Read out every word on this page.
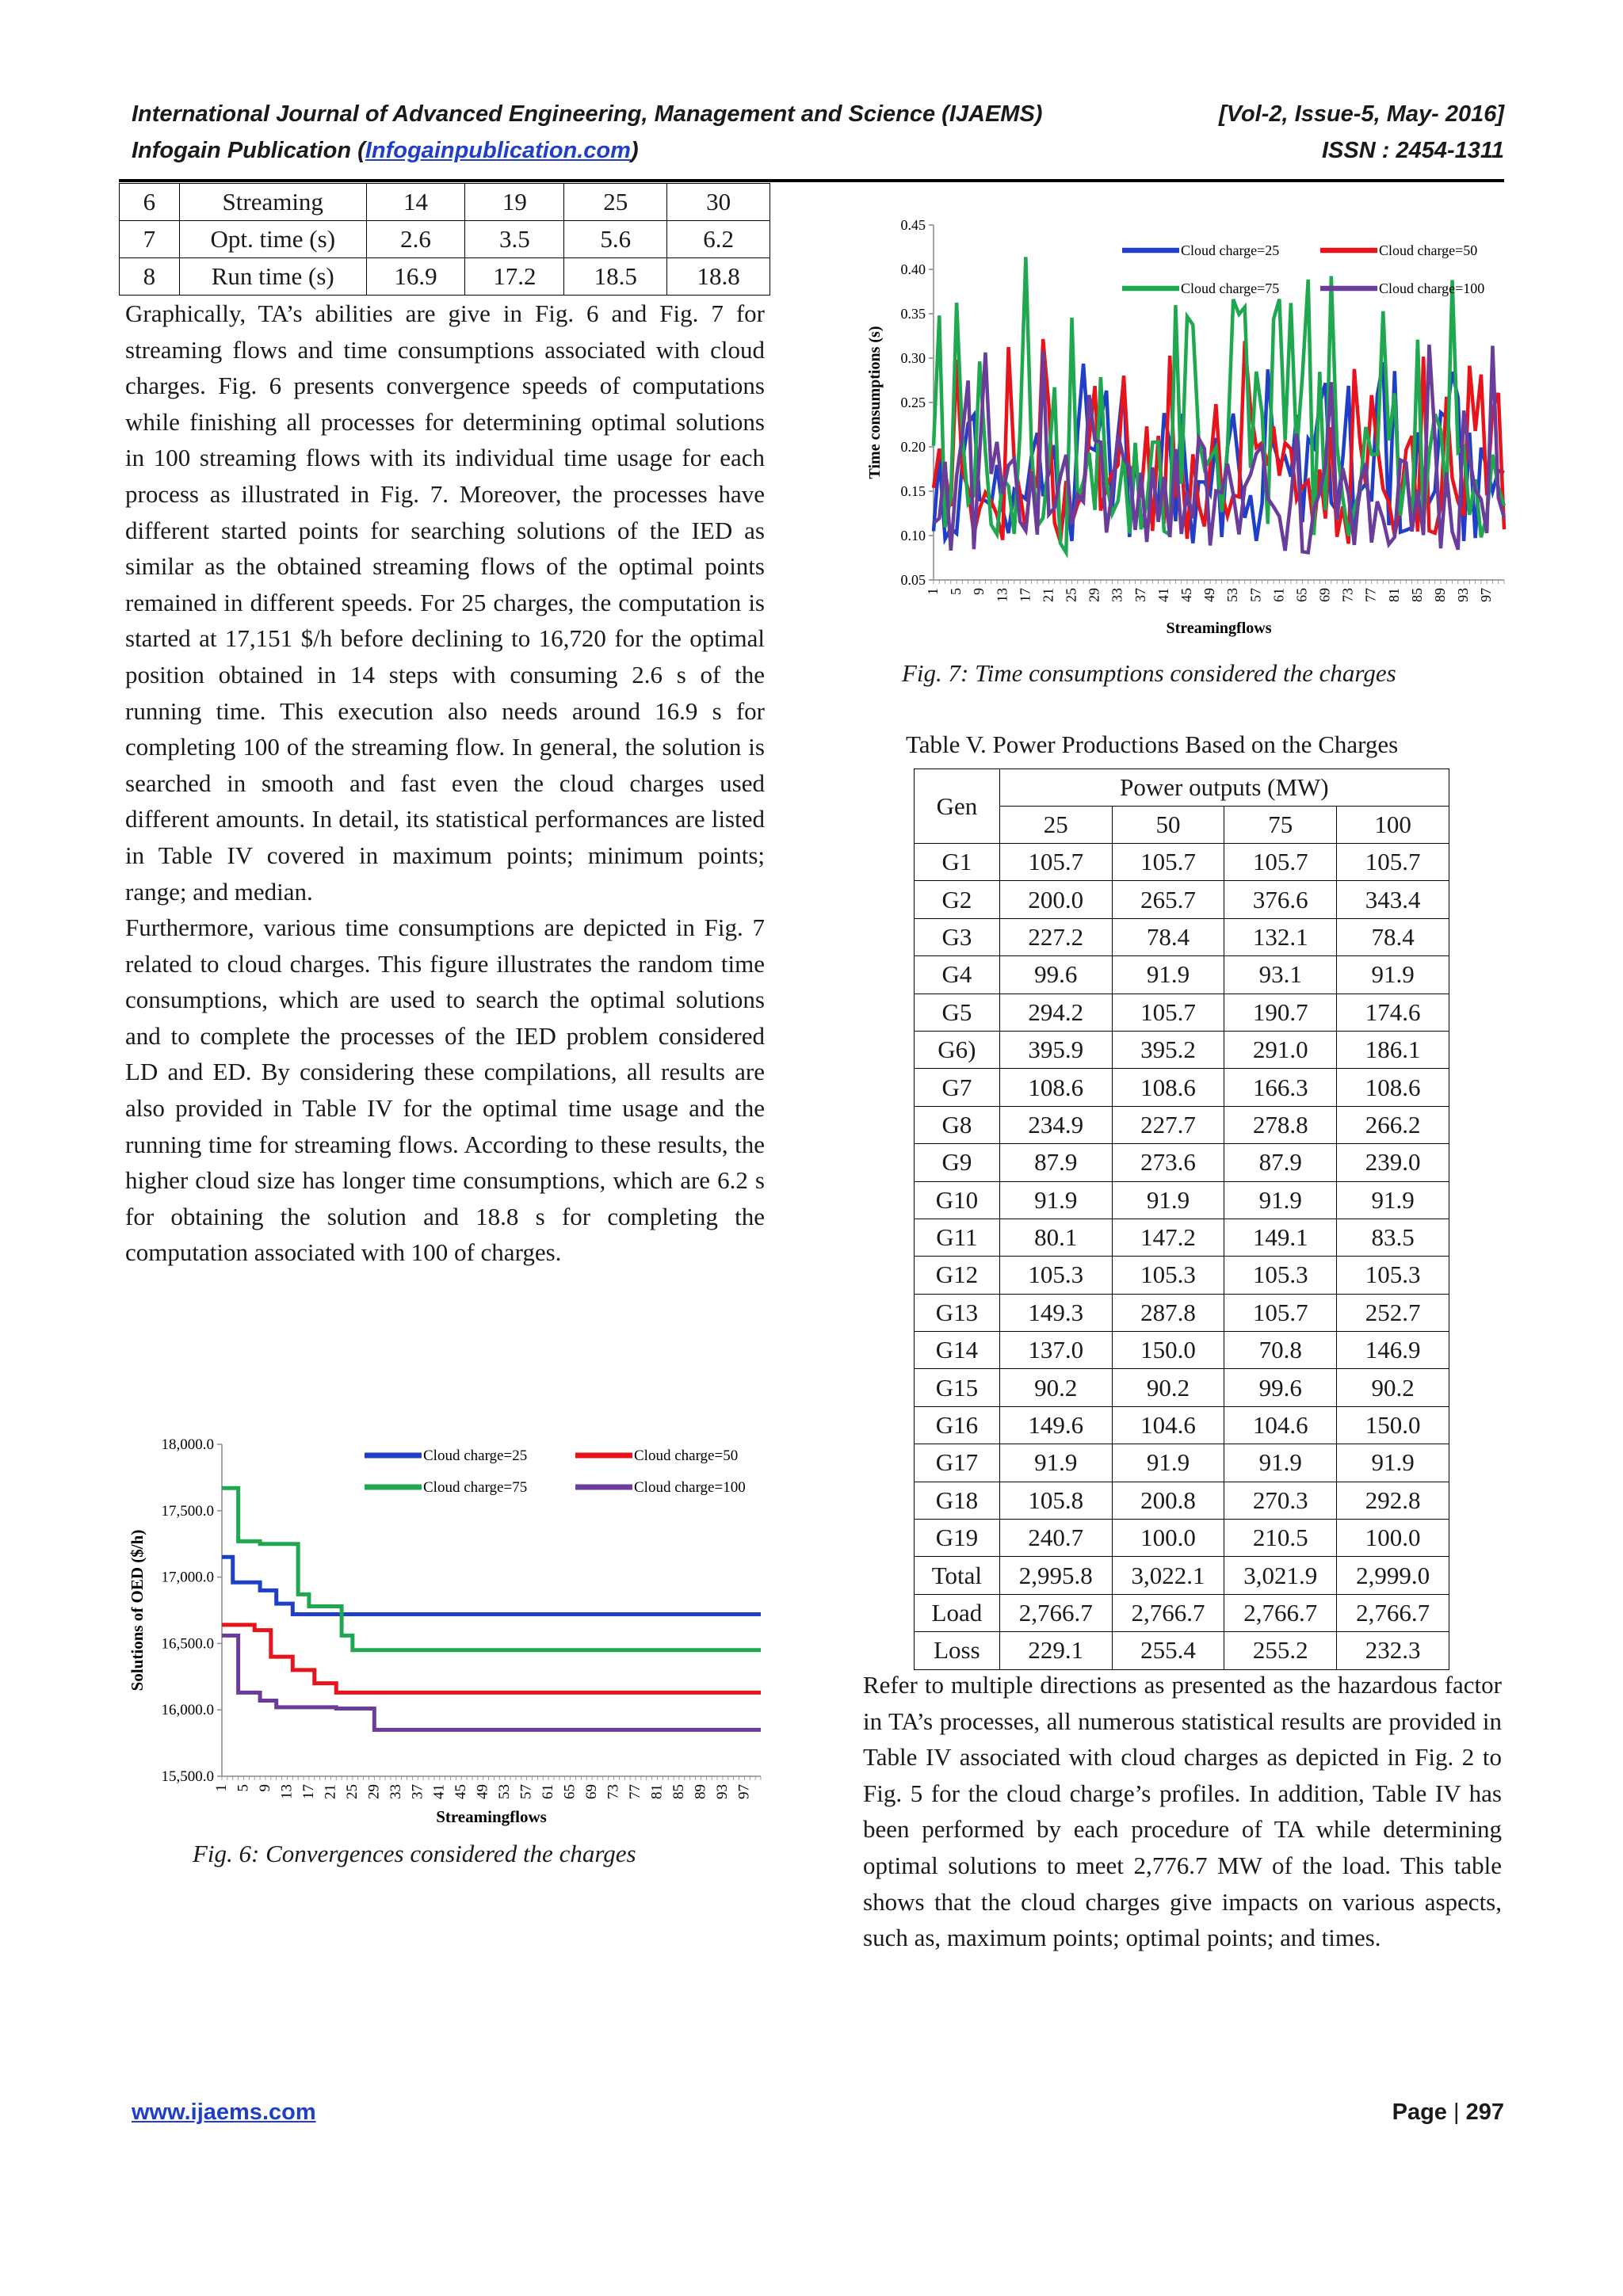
International Journal of Advanced Engineering, Management and Science (IJAEMS)	[Vol-2, Issue-5, May- 2016]
Infogain Publication (Infogainpublication.com)	ISSN : 2454-1311
6	Streaming	14	19	25	30
7	Opt. time (s)	2.6	3.5	5.6	6.2
8	Run time (s)	16.9	17.2	18.5	18.8

Graphically, TA’s abilities are give in Fig. 6 and Fig. 7 for streaming flows and time consumptions associated with cloud charges. Fig. 6 presents convergence speeds of computations while finishing all processes for determining optimal solutions in 100 streaming flows with its individual time usage for each process as illustrated in Fig. 7. Moreover, the processes have different started points for searching solutions of the IED as similar as the obtained streaming flows of the optimal points remained in different speeds. For 25 charges, the computation is started at 17,151 $/h before declining to 16,720 for the optimal position obtained in 14 steps with consuming 2.6 s of the running time. This execution also needs around 16.9 s for completing 100 of the streaming flow. In general, the solution is searched in smooth and fast even the cloud charges used different amounts. In detail, its statistical performances are listed in Table IV covered in maximum points; minimum points; range; and median.

Furthermore, various time consumptions are depicted in Fig. 7 related to cloud charges. This figure illustrates the random time consumptions, which are used to search the optimal solutions and to complete the processes of the IED problem considered LD and ED. By considering these compilations, all results are also provided in Table IV for the optimal time usage and the running time for streaming flows. According to these results, the higher cloud size has longer time consumptions, which are 6.2 s for obtaining the solution and 18.8 s for completing the computation associated with 100 of charges.

15,500.0
16,000.0
16,500.0
17,000.0
17,500.0
18,000.0
1 5 9 13 17 21 25 29 33 37 41 45 49 53 57 61 65 69 73 77 81 85 89 93 97
Streamingflows
Solutions of OED ($/h)
Cloud charge=25	Cloud charge=50
Cloud charge=75	Cloud charge=100
Fig. 6: Convergences considered the charges
0.05
0.10
0.15
0.20
0.25
0.30
0.35
0.40
0.45
1 5 9 13 17 21 25 29 33 37 41 45 49 53 57 61 65 69 73 77 81 85 89 93 97
Streamingflows
Time consumptions (s)
Cloud charge=25	Cloud charge=50
Cloud charge=75	Cloud charge=100
Fig. 7: Time consumptions considered the charges
Table V. Power Productions Based on the Charges
Gen	Power outputs (MW)			
	25	50	75	100
G1	105.7	105.7	105.7	105.7
G2	200.0	265.7	376.6	343.4
G3	227.2	78.4	132.1	78.4
G4	99.6	91.9	93.1	91.9
G5	294.2	105.7	190.7	174.6
G6)	395.9	395.2	291.0	186.1
G7	108.6	108.6	166.3	108.6
G8	234.9	227.7	278.8	266.2
G9	87.9	273.6	87.9	239.0
G10	91.9	91.9	91.9	91.9
G11	80.1	147.2	149.1	83.5
G12	105.3	105.3	105.3	105.3
G13	149.3	287.8	105.7	252.7
G14	137.0	150.0	70.8	146.9
G15	90.2	90.2	99.6	90.2
G16	149.6	104.6	104.6	150.0
G17	91.9	91.9	91.9	91.9
G18	105.8	200.8	270.3	292.8
G19	240.7	100.0	210.5	100.0
Total	2,995.8	3,022.1	3,021.9	2,999.0
Load	2,766.7	2,766.7	2,766.7	2,766.7
Loss	229.1	255.4	255.2	232.3

Refer to multiple directions as presented as the hazardous factor in TA’s processes, all numerous statistical results are provided in Table IV associated with cloud charges as depicted in Fig. 2 to Fig. 5 for the cloud charge’s profiles. In addition, Table IV has been performed by each procedure of TA while determining optimal solutions to meet 2,776.7 MW of the load. This table shows that the cloud charges give impacts on various aspects, such as, maximum points; optimal points; and times.

www.ijaems.com	Page | 297
